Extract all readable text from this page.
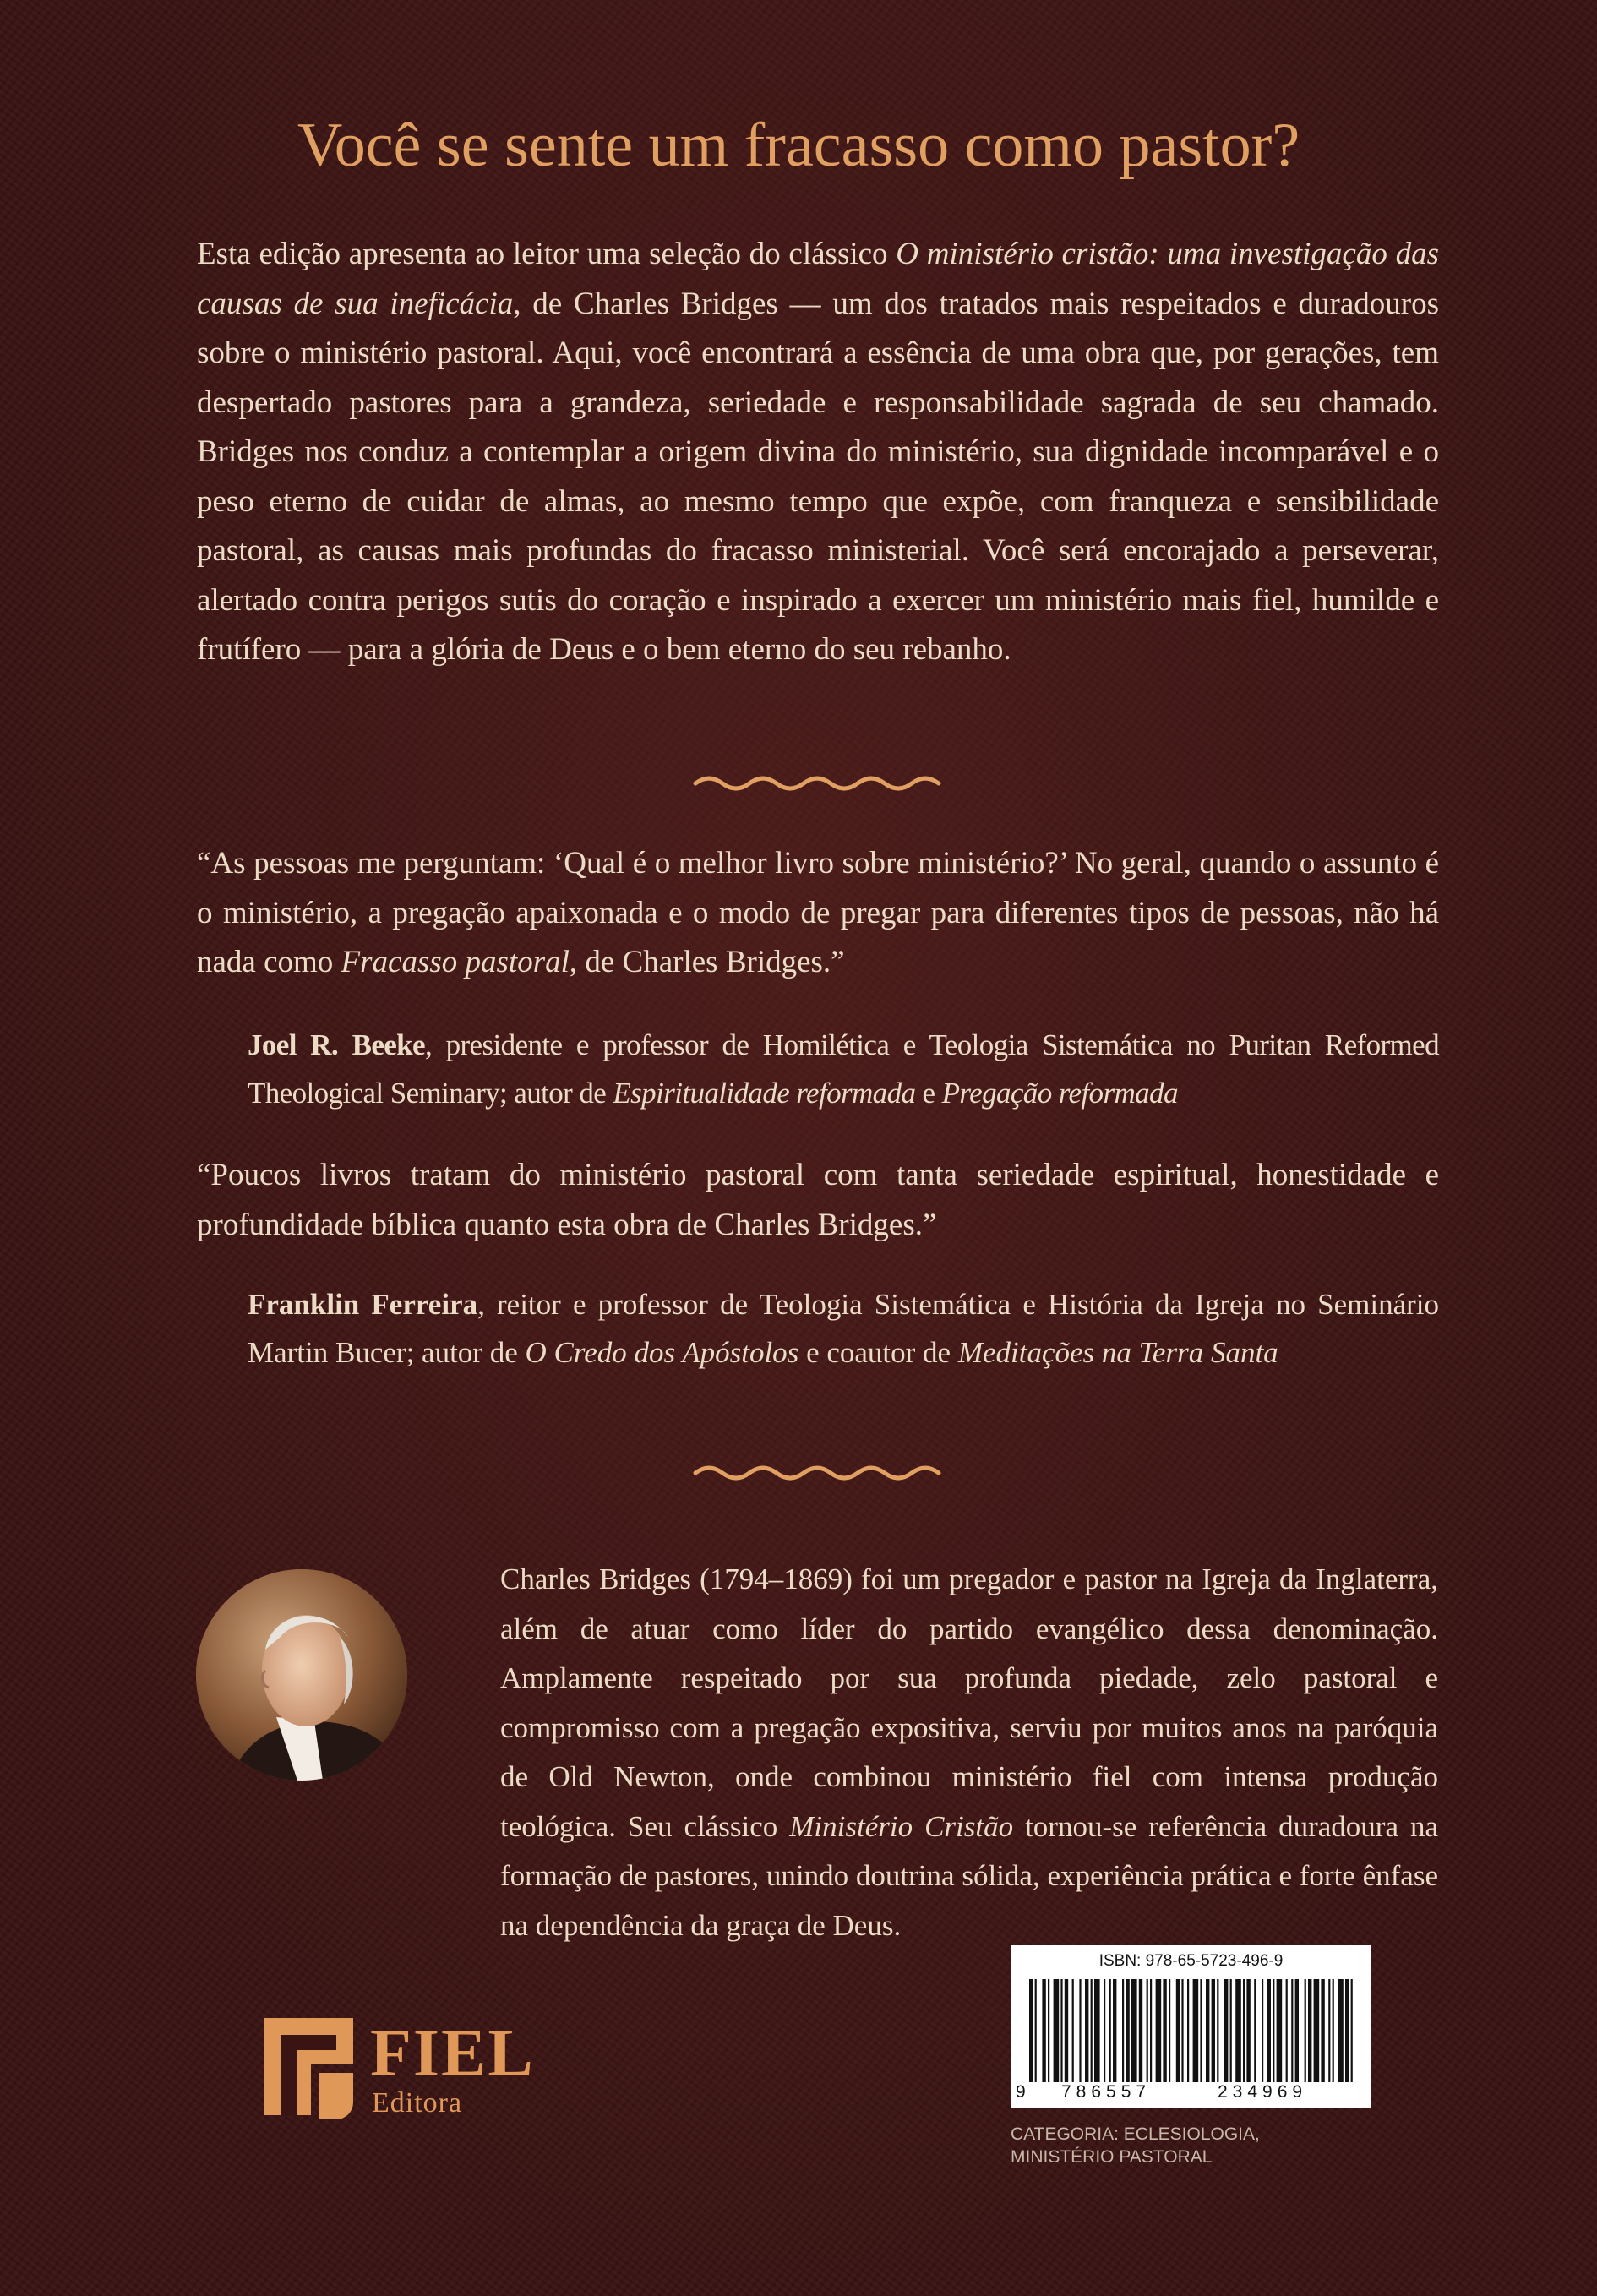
Você se sente um fracasso como pastor?

Esta edição apresenta ao leitor uma seleção do clássico O ministério cristão: uma investigação das causas de sua ineficácia, de Charles Bridges — um dos tratados mais respeitados e duradouros sobre o ministério pastoral. Aqui, você encontrará a essência de uma obra que, por gerações, tem despertado pastores para a grandeza, seriedade e responsabilidade sagrada de seu chamado. Bridges nos conduz a contemplar a origem divina do ministério, sua dignidade incomparável e o peso eterno de cuidar de almas, ao mesmo tempo que expõe, com franqueza e sensibilidade pastoral, as causas mais profundas do fracasso ministerial. Você será encorajado a perseverar, alertado contra perigos sutis do coração e inspirado a exercer um ministério mais fiel, humilde e frutífero — para a glória de Deus e o bem eterno do seu rebanho.

“As pessoas me perguntam: ‘Qual é o melhor livro sobre ministério?’ No geral, quando o assunto é o ministério, a pregação apaixonada e o modo de pregar para diferentes tipos de pessoas, não há nada como Fracasso pastoral, de Charles Bridges.”

Joel R. Beeke, presidente e professor de Homilética e Teologia Sistemática no Puritan Reformed Theological Seminary; autor de Espiritualidade reformada e Pregação reformada

“Poucos livros tratam do ministério pastoral com tanta seriedade espiritual, honestidade e profundidade bíblica quanto esta obra de Charles Bridges.”

Franklin Ferreira, reitor e professor de Teologia Sistemática e História da Igreja no Seminário Martin Bucer; autor de O Credo dos Apóstolos e coautor de Meditações na Terra Santa

Charles Bridges (1794–1869) foi um pregador e pastor na Igreja da Inglaterra, além de atuar como líder do partido evangélico dessa denominação. Amplamente respeitado por sua profunda piedade, zelo pastoral e compromisso com a pregação expositiva, serviu por muitos anos na paróquia de Old Newton, onde combinou ministério fiel com intensa produção teológica. Seu clássico Ministério Cristão tornou-se referência duradoura na formação de pastores, unindo doutrina sólida, experiência prática e forte ênfase na dependência da graça de Deus.

ISBN: 978-65-5723-496-9
9 786557	234969
CATEGORIA: ECLESIOLOGIA,
MINISTÉRIO PASTORAL
FIEL
Editora
